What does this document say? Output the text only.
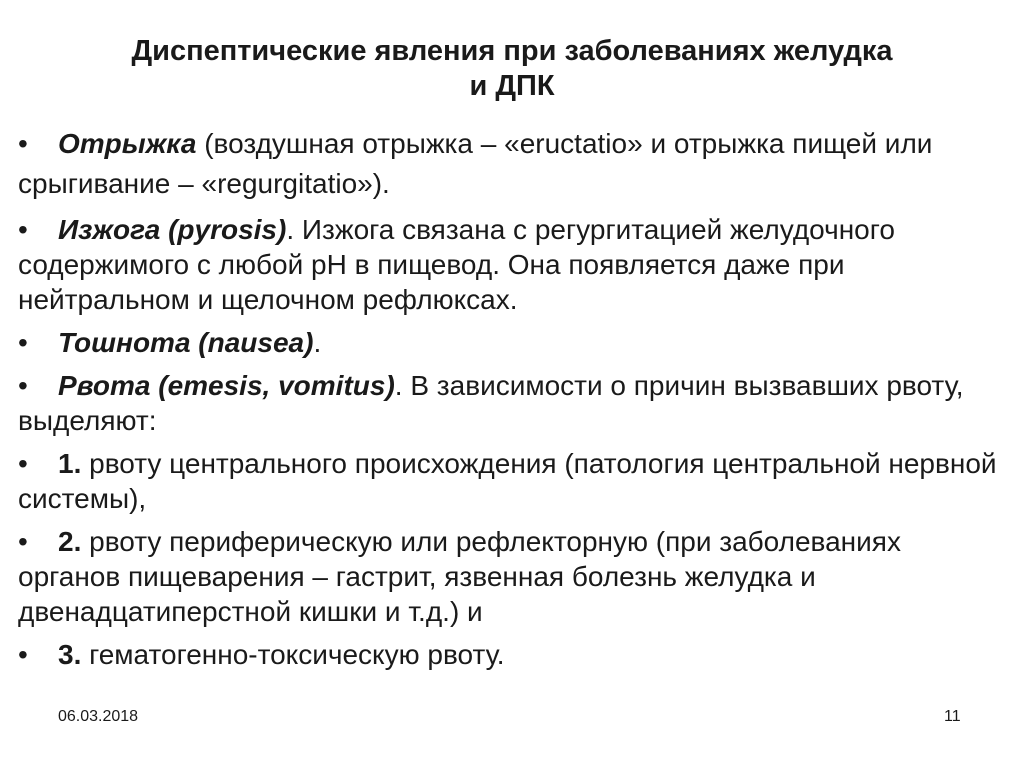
Диспептические явления при заболеваниях желудка
и ДПК
• Отрыжка (воздушная отрыжка – «eructatio» и отрыжка пищей или срыгивание – «regurgitatio»).
• Изжога (pyrosis). Изжога связана с регургитацией желудочного содержимого с любой рН в пищевод. Она появляется даже при нейтральном и щелочном рефлюксах.
• Тошнота (nausea).
• Рвота (emesis, vomitus). В зависимости о причин вызвавших рвоту, выделяют:
• 1. рвоту центрального происхождения (патология центральной нервной системы),
• 2. рвоту периферическую или рефлекторную (при заболеваниях органов пищеварения – гастрит, язвенная болезнь желудка и двенадцатиперстной кишки и т.д.) и
• 3. гематогенно-токсическую рвоту.
06.03.2018	11
